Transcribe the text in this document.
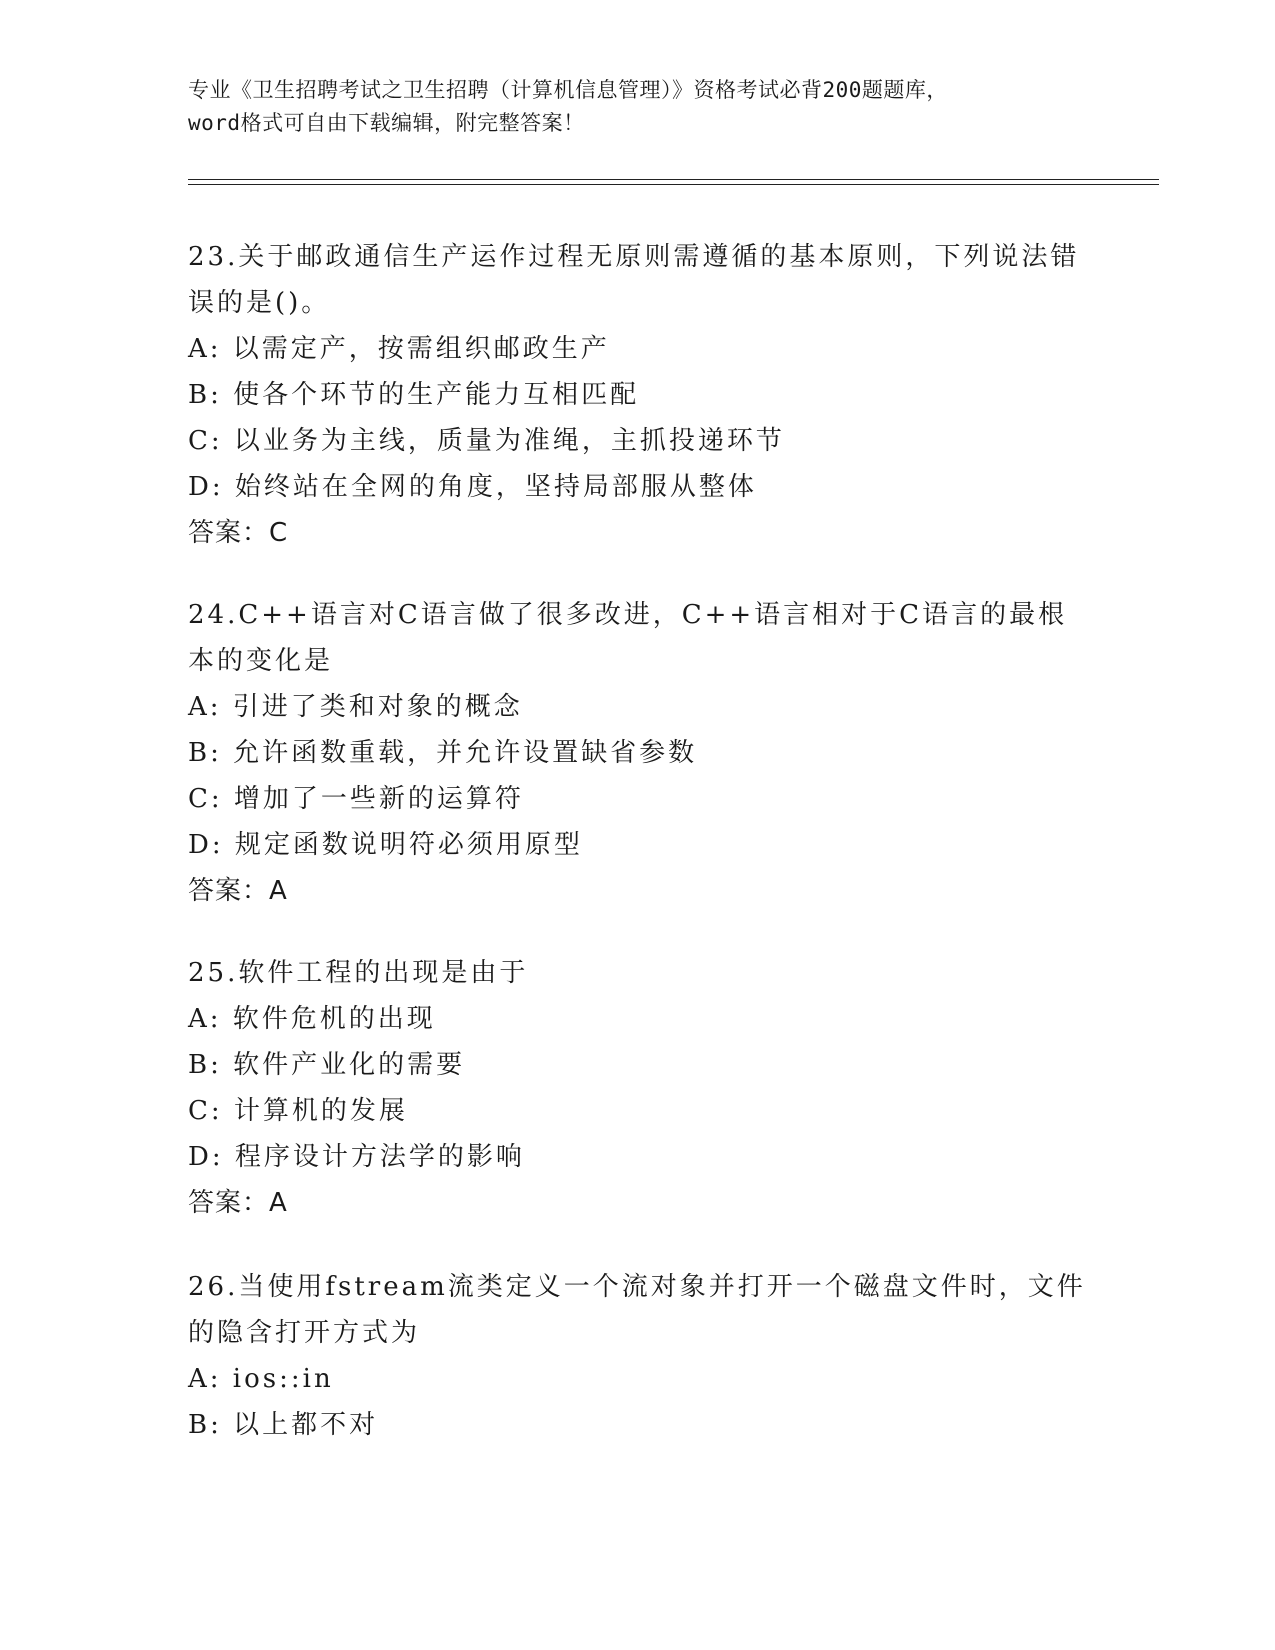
专业《卫生招聘考试之卫生招聘（计算机信息管理）》资格考试必背200题题库，
word格式可自由下载编辑，附完整答案！
23.关于邮政通信生产运作过程无原则需遵循的基本原则，下列说法错误的是()。
A: 以需定产，按需组织邮政生产
B: 使各个环节的生产能力互相匹配
C: 以业务为主线，质量为准绳，主抓投递环节
D: 始终站在全网的角度，坚持局部服从整体
答案：C
24.C++语言对C语言做了很多改进，C++语言相对于C语言的最根本的变化是
A: 引进了类和对象的概念
B: 允许函数重载，并允许设置缺省参数
C: 增加了一些新的运算符
D: 规定函数说明符必须用原型
答案：A
25.软件工程的出现是由于
A: 软件危机的出现
B: 软件产业化的需要
C: 计算机的发展
D: 程序设计方法学的影响
答案：A
26.当使用fstream流类定义一个流对象并打开一个磁盘文件时，文件的隐含打开方式为
A: ios::in
B: 以上都不对
